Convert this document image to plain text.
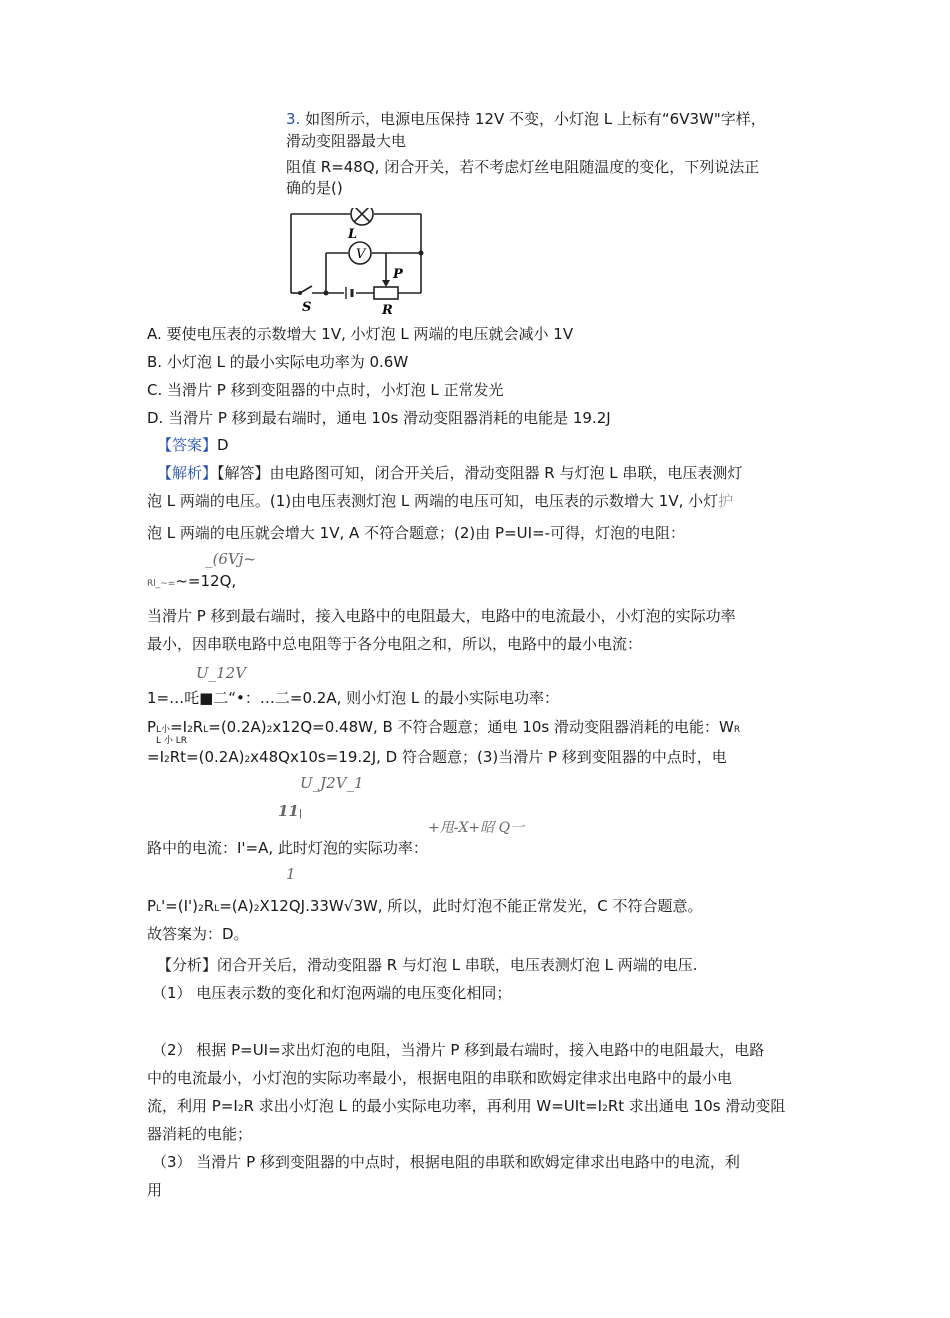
3. 如图所示，电源电压保持 12V 不变，小灯泡 L 上标有“6V3W"字样，
滑动变阻器最大电
阻值 R=48Q, 闭合开关，若不考虑灯丝电阻随温度的变化，下列说法正
确的是()
V
L
P
S	R
A. 要使电压表的示数增大 1V, 小灯泡 L 两端的电压就会减小 1V
B. 小灯泡 L 的最小实际电功率为 0.6W
C. 当滑片 P 移到变阻器的中点时，小灯泡 L 正常发光
D. 当滑片 P 移到最右端时，通电 10s 滑动变阻器消耗的电能是 19.2J
【答案】D
【解析】【解答】由电路图可知，闭合开关后，滑动变阻器 R 与灯泡 L 串联，电压表测灯
泡 L 两端的电压。(1)由电压表测灯泡 L 两端的电压可知，电压表的示数增大 1V, 小灯护
泡 L 两端的电压就会增大 1V, A 不符合题意；(2)由 P=UI=-可得，灯泡的电阻：
_(6Vj~
Rl_~=~=12Q,
当滑片 P 移到最右端时，接入电路中的电阻最大，电路中的电流最小，小灯泡的实际功率
最小，因串联电路中总电阻等于各分电阻之和，所以，电路中的最小电流：
U_12V
1=…吒■二“•：…二=0.2A, 则小灯泡 L 的最小实际电功率：
PL小=I2RL=(0.2A)2x12Q=0.48W, B 不符合题意；通电 10s 滑动变阻器消耗的电能：WR
L 小 LR
=I2Rt=(0.2A)2x48Qx10s=19.2J, D 符合题意；(3)当滑片 P 移到变阻器的中点时，电
U_J2V_1
11|
+甩-X+昭 Q一
路中的电流：I'=A, 此时灯泡的实际功率：
1
PL'=(I')2RL=(A)2X12QJ.33W√3W, 所以，此时灯泡不能正常发光，C 不符合题意。
故答案为：D。
【分析】闭合开关后，滑动变阻器 R 与灯泡 L 串联，电压表测灯泡 L 两端的电压.
（1） 电压表示数的变化和灯泡两端的电压变化相同；
（2） 根据 P=UI=求出灯泡的电阻，当滑片 P 移到最右端时，接入电路中的电阻最大，电路
中的电流最小，小灯泡的实际功率最小，根据电阻的串联和欧姆定律求出电路中的最小电
流，利用 P=I2R 求出小灯泡 L 的最小实际电功率，再利用 W=UIt=I2Rt 求出通电 10s 滑动变阻
器消耗的电能；
（3） 当滑片 P 移到变阻器的中点时，根据电阻的串联和欧姆定律求出电路中的电流，利
用
